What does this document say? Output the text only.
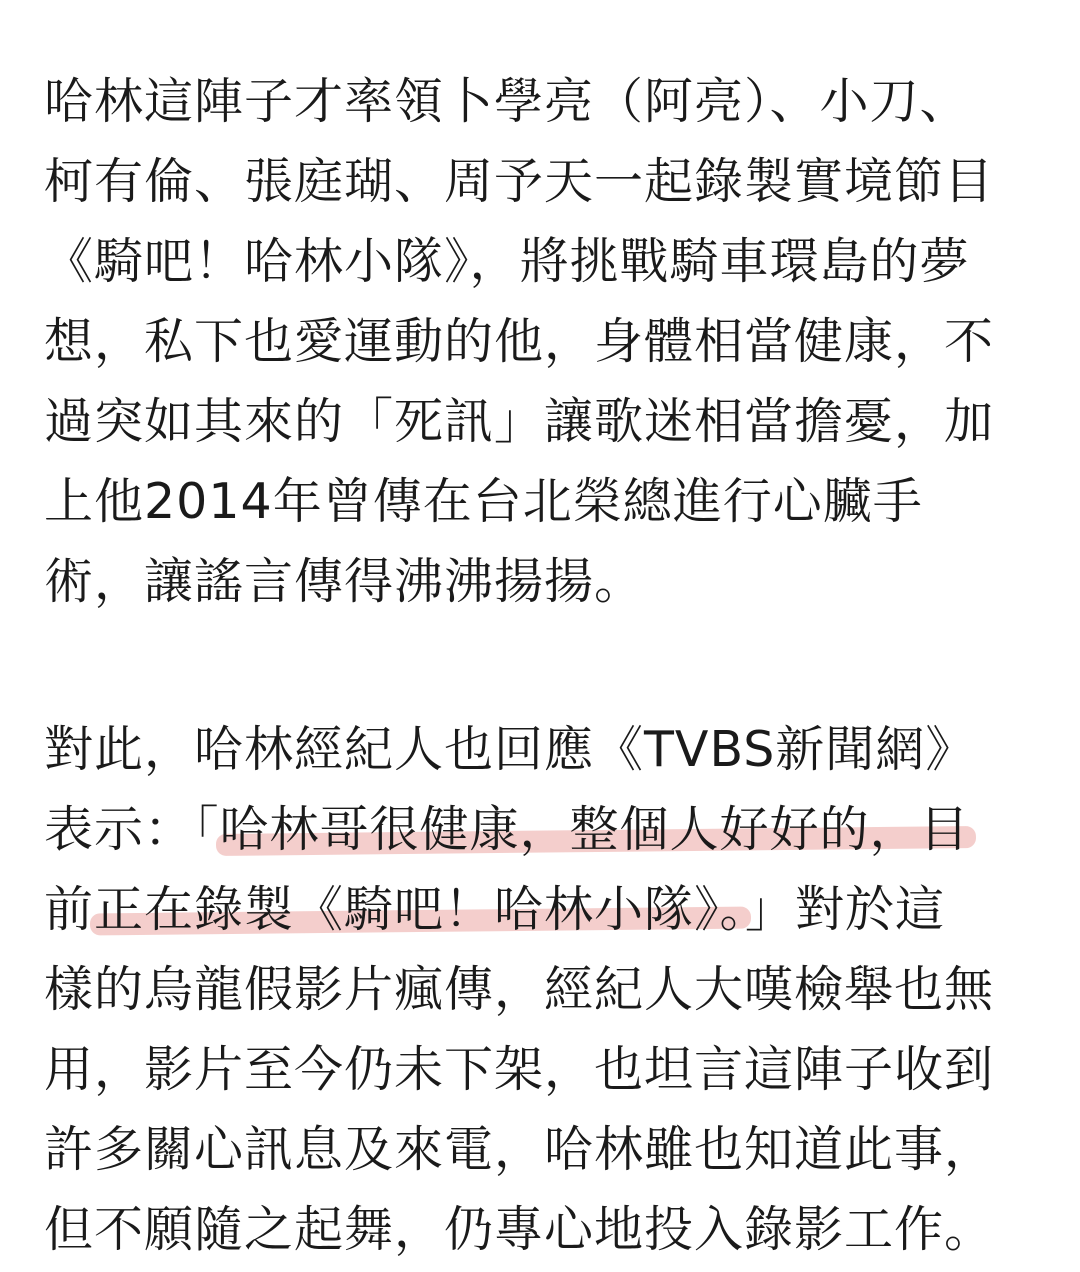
哈林這陣子才率領卜學亮（阿亮）、小刀、
柯有倫、張庭瑚、周予天一起錄製實境節目
《騎吧！哈林小隊》，將挑戰騎車環島的夢
想，私下也愛運動的他，身體相當健康，不
過突如其來的「死訊」讓歌迷相當擔憂，加
上他2014年曾傳在台北榮總進行心臟手
術，讓謠言傳得沸沸揚揚。
對此，哈林經紀人也回應《TVBS新聞網》
表示：「哈林哥很健康，整個人好好的，目
前正在錄製《騎吧！哈林小隊》。」對於這
樣的烏龍假影片瘋傳，經紀人大嘆檢舉也無
用，影片至今仍未下架，也坦言這陣子收到
許多關心訊息及來電，哈林雖也知道此事，
但不願隨之起舞，仍專心地投入錄影工作。
